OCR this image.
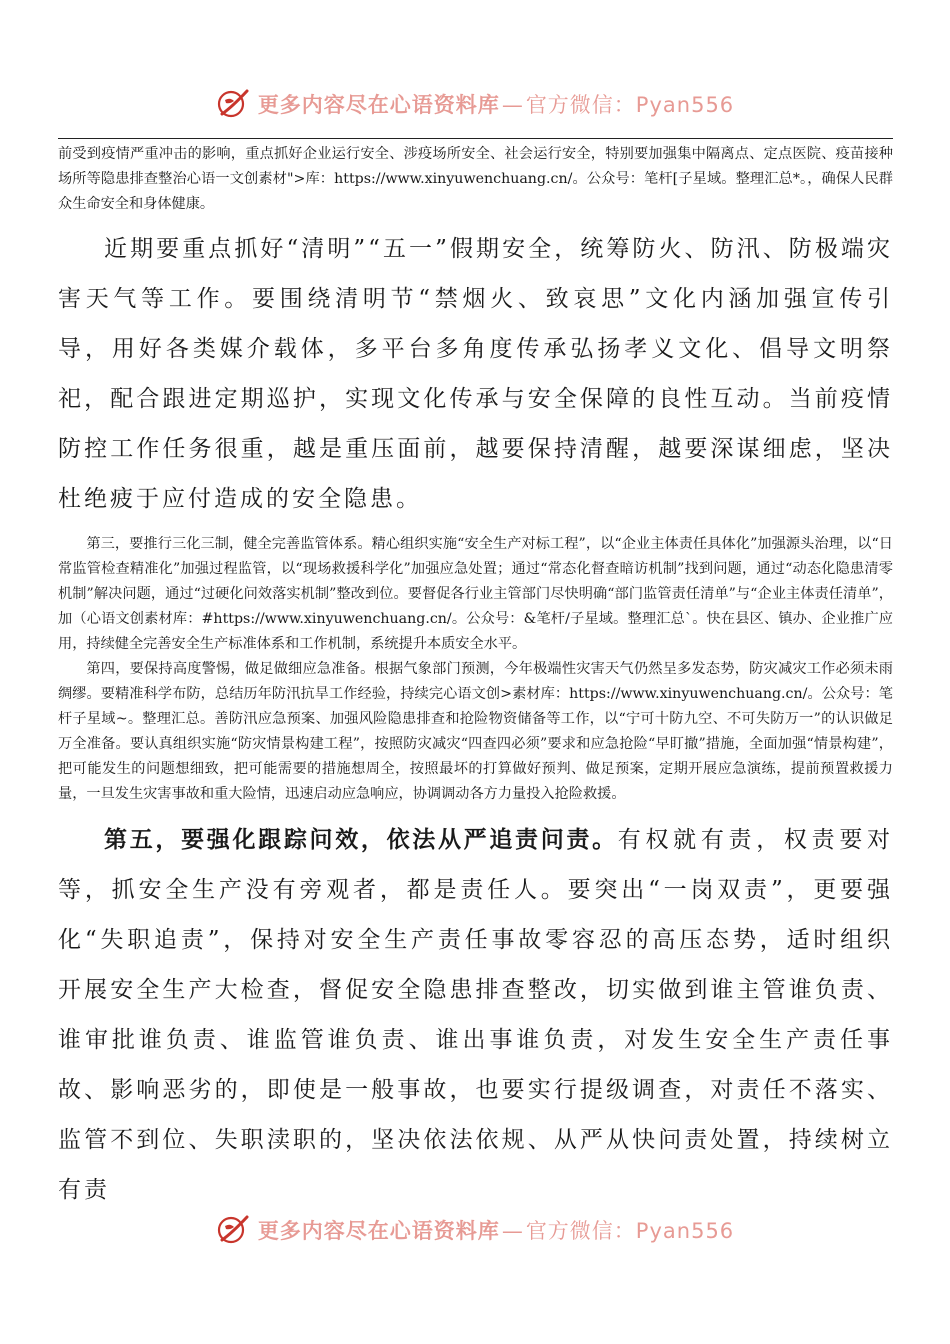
更多内容尽在心语资料库—官方微信：Pyan556

前受到疫情严重冲击的影响，重点抓好企业运行安全、涉疫场所安全、社会运行安全，特别要加强集中隔离点、定点医院、疫苗接种场所等隐患排查整治心语一文创素材">库：https://www.xinyuwenchuang.cn/。公众号：笔杆[子星域。整理汇总*。，确保人民群众生命安全和身体健康。

近期要重点抓好“清明”“五一”假期安全，统筹防火、防汛、防极端灾害天气等工作。要围绕清明节“禁烟火、致哀思”文化内涵加强宣传引导，用好各类媒介载体，多平台多角度传承弘扬孝义文化、倡导文明祭祀，配合跟进定期巡护，实现文化传承与安全保障的良性互动。当前疫情防控工作任务很重，越是重压面前，越要保持清醒，越要深谋细虑，坚决杜绝疲于应付造成的安全隐患。

第三，要推行三化三制，健全完善监管体系。精心组织实施“安全生产对标工程”，以“企业主体责任具体化”加强源头治理，以“日常监管检查精准化”加强过程监管，以“现场救援科学化”加强应急处置；通过“常态化督查暗访机制”找到问题，通过“动态化隐患清零机制”解决问题，通过“过硬化问效落实机制”整改到位。要督促各行业主管部门尽快明确“部门监管责任清单”与“企业主体责任清单”，加（心语文创素材库：#https://www.xinyuwenchuang.cn/。公众号：&笔杆/子星域。整理汇总`。快在县区、镇办、企业推广应用，持续健全完善安全生产标准体系和工作机制，系统提升本质安全水平。

第四，要保持高度警惕，做足做细应急准备。根据气象部门预测，今年极端性灾害天气仍然呈多发态势，防灾减灾工作必须未雨绸缪。要精准科学布防，总结历年防汛抗旱工作经验，持续完心语文创>素材库：https://www.xinyuwenchuang.cn/。公众号：笔杆子星域~。整理汇总。善防汛应急预案、加强风险隐患排查和抢险物资储备等工作，以“宁可十防九空、不可失防万一”的认识做足万全准备。要认真组织实施“防灾情景构建工程”，按照防灾减灾“四查四必须”要求和应急抢险“早盯撤”措施，全面加强“情景构建”，把可能发生的问题想细致，把可能需要的措施想周全，按照最坏的打算做好预判、做足预案，定期开展应急演练，提前预置救援力量，一旦发生灾害事故和重大险情，迅速启动应急响应，协调调动各方力量投入抢险救援。

第五，要强化跟踪问效，依法从严追责问责。有权就有责，权责要对等，抓安全生产没有旁观者，都是责任人。要突出“一岗双责”，更要强化“失职追责”，保持对安全生产责任事故零容忍的高压态势，适时组织开展安全生产大检查，督促安全隐患排查整改，切实做到谁主管谁负责、谁审批谁负责、谁监管谁负责、谁出事谁负责，对发生安全生产责任事故、影响恶劣的，即使是一般事故，也要实行提级调查，对责任不落实、监管不到位、失职渎职的，坚决依法依规、从严从快问责处置，持续树立有责

更多内容尽在心语资料库—官方微信：Pyan556
